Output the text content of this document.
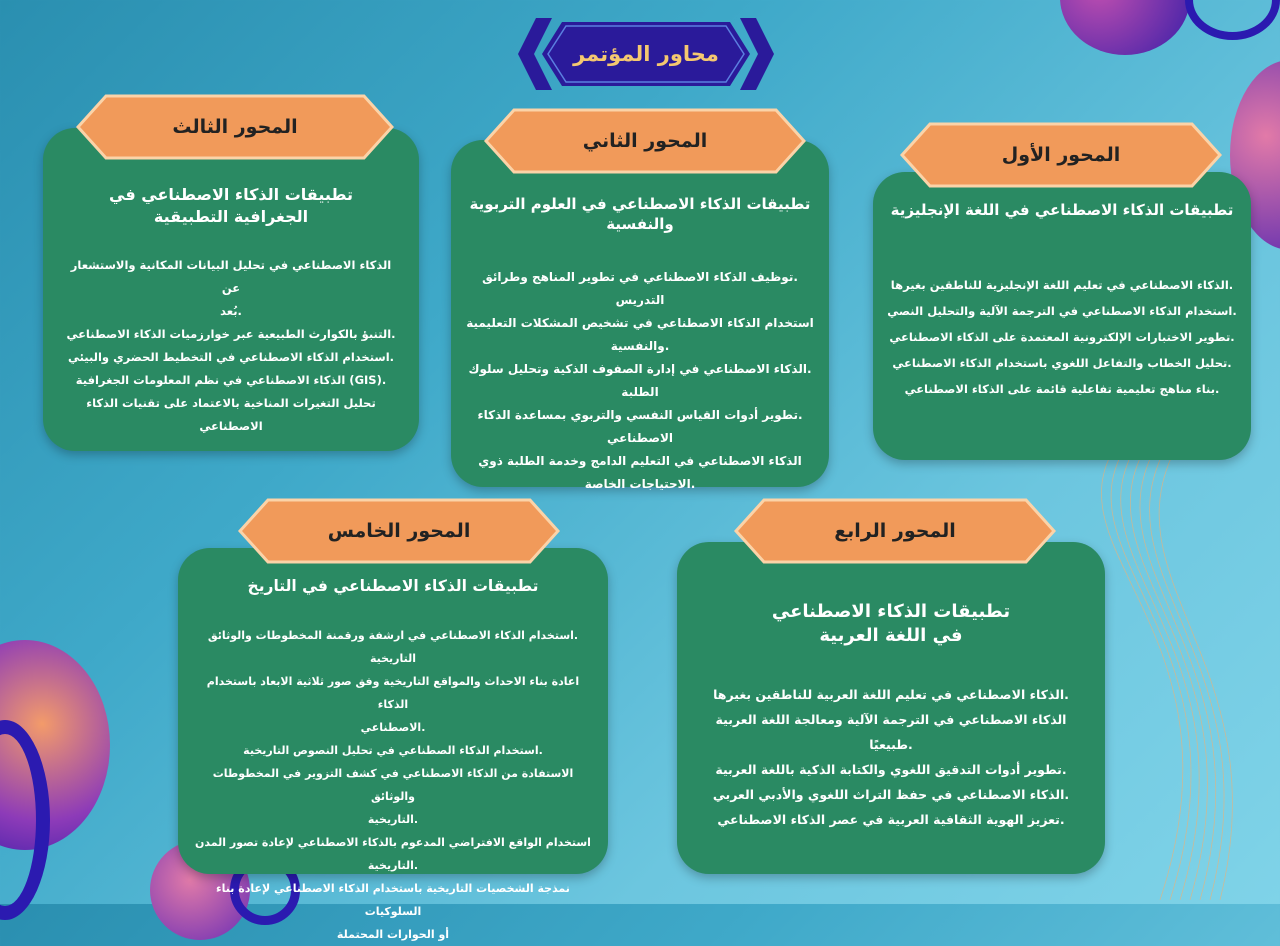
محاور المؤتمر
تطبيقات الذكاء الاصطناعي في الجغرافية التطبيقية
الذكاء الاصطناعي في تحليل البيانات المكانية والاستشعار عن
.بُعد
.التنبؤ بالكوارث الطبيعية عبر خوارزميات الذكاء الاصطناعي
.استخدام الذكاء الاصطناعي في التخطيط الحضري والبيئي
.(GIS) الذكاء الاصطناعي في نظم المعلومات الجغرافية
تحليل التغيرات المناخية بالاعتماد على تقنيات الذكاء الاصطناعي
المحور الثالث
تطبيقات الذكاء الاصطناعي في العلوم التربوية والنفسية
.توظيف الذكاء الاصطناعي في تطوير المناهج وطرائق التدريس
استخدام الذكاء الاصطناعي في تشخيص المشكلات التعليمية
.والنفسية
.الذكاء الاصطناعي في إدارة الصفوف الذكية وتحليل سلوك الطلبة
.تطوير أدوات القياس النفسي والتربوي بمساعدة الذكاء الاصطناعي
الذكاء الاصطناعي في التعليم الدامج وخدمة الطلبة ذوي
.الاحتياجات الخاصة
المحور الثاني
تطبيقات الذكاء الاصطناعي في اللغة الإنجليزية
.الذكاء الاصطناعي في تعليم اللغة الإنجليزية للناطقين بغيرها
.استخدام الذكاء الاصطناعي في الترجمة الآلية والتحليل النصي
.تطوير الاختبارات الإلكترونية المعتمدة على الذكاء الاصطناعي
.تحليل الخطاب والتفاعل اللغوي باستخدام الذكاء الاصطناعي
.بناء مناهج تعليمية تفاعلية قائمة على الذكاء الاصطناعي
المحور الأول
تطبيقات الذكاء الاصطناعي في التاريخ
.استخدام الذكاء الاصطناعي في ارشفة ورقمنة المخطوطات والوثائق التاريخية
اعادة بناء الاحداث والمواقع التاريخية وفق صور ثلاثية الابعاد باستخدام الذكاء
.الاصطناعي
.استخدام الذكاء الصطناعي في تحليل النصوص التاريخية
الاستفادة من الذكاء الاصطناعي في كشف التزوير في المخطوطات والوثائق
.التاريخية
استخدام الواقع الافتراضي المدعوم بالذكاء الاصطناعي لإعادة تصور المدن
.التاريخية
نمذجة الشخصيات التاريخية باستخدام الذكاء الاصطناعي لإعادة بناء السلوكيات
أو الحوارات المحتملة
المحور الخامس
تطبيقات الذكاء الاصطناعي في اللغة العربية
.الذكاء الاصطناعي في تعليم اللغة العربية للناطقين بغيرها
الذكاء الاصطناعي في الترجمة الآلية ومعالجة اللغة العربية
.طبيعيًا
.تطوير أدوات التدقيق اللغوي والكتابة الذكية باللغة العربية
.الذكاء الاصطناعي في حفظ التراث اللغوي والأدبي العربي
.تعزيز الهوية الثقافية العربية في عصر الذكاء الاصطناعي
المحور الرابع
